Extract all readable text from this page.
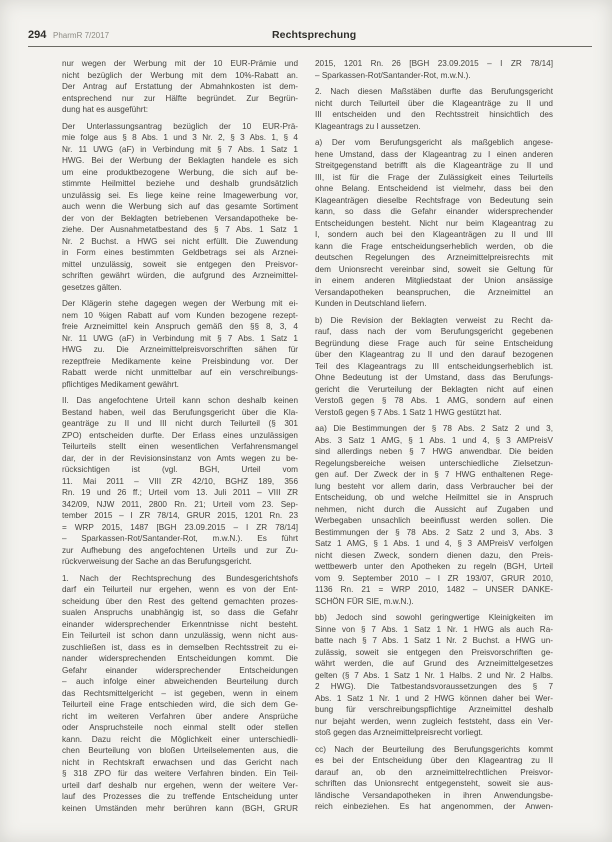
294 PharmR 7/2017	Rechtsprechung
nur wegen der Werbung mit der 10 EUR-Prämie und
nicht bezüglich der Werbung mit dem 10%-Rabatt an.
Der Antrag auf Erstattung der Abmahnkosten ist dem-
entsprechend nur zur Hälfte begründet. Zur Begrün-
dung hat es ausgeführt:
Der Unterlassungsantrag bezüglich der 10 EUR-Prä-
mie folge aus § 8 Abs. 1 und 3 Nr. 2, § 3 Abs. 1, § 4
Nr. 11 UWG (aF) in Verbindung mit § 7 Abs. 1 Satz 1
HWG. Bei der Werbung der Beklagten handele es sich
um eine produktbezogene Werbung, die sich auf be-
stimmte Heilmittel beziehe und deshalb grundsätzlich
unzulässig sei. Es liege keine reine Imagewerbung vor,
auch wenn die Werbung sich auf das gesamte Sortiment
der von der Beklagten betriebenen Versandapotheke be-
ziehe. Der Ausnahmetatbestand des § 7 Abs. 1 Satz 1
Nr. 2 Buchst. a HWG sei nicht erfüllt. Die Zuwendung
in Form eines bestimmten Geldbetrags sei als Arznei-
mittel unzulässig, soweit sie entgegen den Preisvor-
schriften gewährt würden, die aufgrund des Arzneimittel-
gesetzes gälten.
Der Klägerin stehe dagegen wegen der Werbung mit ei-
nem 10 %igen Rabatt auf vom Kunden bezogene rezept-
freie Arzneimittel kein Anspruch gemäß den §§ 8, 3, 4
Nr. 11 UWG (aF) in Verbindung mit § 7 Abs. 1 Satz 1
HWG zu. Die Arzneimittelpreisvorschriften sähen für
rezeptfreie Medikamente keine Preisbindung vor. Der
Rabatt werde nicht unmittelbar auf ein verschreibungs-
pflichtiges Medikament gewährt.
II. Das angefochtene Urteil kann schon deshalb keinen
Bestand haben, weil das Berufungsgericht über die Kla-
geanträge zu II und III nicht durch Teilurteil (§ 301
ZPO) entscheiden durfte. Der Erlass eines unzulässigen
Teilurteils stellt einen wesentlichen Verfahrensmangel
dar, der in der Revisionsinstanz von Amts wegen zu be-
rücksichtigen ist (vgl. BGH, Urteil vom
11. Mai 2011 – VIII ZR 42/10, BGHZ 189, 356
Rn. 19 und 26 ff.; Urteil vom 13. Juli 2011 – VIII ZR
342/09, NJW 2011, 2800 Rn. 21; Urteil vom 23. Sep-
tember 2015 – I ZR 78/14, GRUR 2015, 1201 Rn. 23
= WRP 2015, 1487 [BGH 23.09.2015 – I ZR 78/14]
– Sparkassen-Rot/Santander-Rot, m.w.N.). Es führt
zur Aufhebung des angefochtenen Urteils und zur Zu-
rückverweisung der Sache an das Berufungsgericht.
1. Nach der Rechtsprechung des Bundesgerichtshofs
darf ein Teilurteil nur ergehen, wenn es von der Ent-
scheidung über den Rest des geltend gemachten prozes-
sualen Anspruchs unabhängig ist, so dass die Gefahr
einander widersprechender Erkenntnisse nicht besteht.
Ein Teilurteil ist schon dann unzulässig, wenn nicht aus-
zuschließen ist, dass es in demselben Rechtsstreit zu ei-
nander widersprechenden Entscheidungen kommt. Die
Gefahr einander widersprechender Entscheidungen
– auch infolge einer abweichenden Beurteilung durch
das Rechtsmittelgericht – ist gegeben, wenn in einem
Teilurteil eine Frage entschieden wird, die sich dem Ge-
richt im weiteren Verfahren über andere Ansprüche
oder Anspruchsteile noch einmal stellt oder stellen
kann. Dazu reicht die Möglichkeit einer unterschiedli-
chen Beurteilung von bloßen Urteilselementen aus, die
nicht in Rechtskraft erwachsen und das Gericht nach
§ 318 ZPO für das weitere Verfahren binden. Ein Teil-
urteil darf deshalb nur ergehen, wenn der weitere Ver-
lauf des Prozesses die zu treffende Entscheidung unter
keinen Umständen mehr berühren kann (BGH, GRUR
2015, 1201 Rn. 26 [BGH 23.09.2015 – I ZR 78/14]
– Sparkassen-Rot/Santander-Rot, m.w.N.).
2. Nach diesen Maßstäben durfte das Berufungsgericht
nicht durch Teilurteil über die Klageanträge zu II und
III entscheiden und den Rechtsstreit hinsichtlich des
Klageantrags zu I aussetzen.
a) Der vom Berufungsgericht als maßgeblich angese-
hene Umstand, dass der Klageantrag zu I einen anderen
Streitgegenstand betrifft als die Klageanträge zu II und
III, ist für die Frage der Zulässigkeit eines Teilurteils
ohne Belang. Entscheidend ist vielmehr, dass bei den
Klageanträgen dieselbe Rechtsfrage von Bedeutung sein
kann, so dass die Gefahr einander widersprechender
Entscheidungen besteht. Nicht nur beim Klageantrag zu
I, sondern auch bei den Klageanträgen zu II und III
kann die Frage entscheidungserheblich werden, ob die
deutschen Regelungen des Arzneimittelpreisrechts mit
dem Unionsrecht vereinbar sind, soweit sie Geltung für
in einem anderen Mitgliedstaat der Union ansässige
Versandapotheken beanspruchen, die Arzneimittel an
Kunden in Deutschland liefern.
b) Die Revision der Beklagten verweist zu Recht da-
rauf, dass nach der vom Berufungsgericht gegebenen
Begründung diese Frage auch für seine Entscheidung
über den Klageantrag zu II und den darauf bezogenen
Teil des Klageantrags zu III entscheidungserheblich ist.
Ohne Bedeutung ist der Umstand, dass das Berufungs-
gericht die Verurteilung der Beklagten nicht auf einen
Verstoß gegen § 78 Abs. 1 AMG, sondern auf einen
Verstoß gegen § 7 Abs. 1 Satz 1 HWG gestützt hat.
aa) Die Bestimmungen der § 78 Abs. 2 Satz 2 und 3,
Abs. 3 Satz 1 AMG, § 1 Abs. 1 und 4, § 3 AMPreisV
sind allerdings neben § 7 HWG anwendbar. Die beiden
Regelungsbereiche weisen unterschiedliche Zielsetzun-
gen auf. Der Zweck der in § 7 HWG enthaltenen Rege-
lung besteht vor allem darin, dass Verbraucher bei der
Entscheidung, ob und welche Heilmittel sie in Anspruch
nehmen, nicht durch die Aussicht auf Zugaben und
Werbegaben unsachlich beeinflusst werden sollen. Die
Bestimmungen der § 78 Abs. 2 Satz 2 und 3, Abs. 3
Satz 1 AMG, § 1 Abs. 1 und 4, § 3 AMPreisV verfolgen
nicht diesen Zweck, sondern dienen dazu, den Preis-
wettbewerb unter den Apotheken zu regeln (BGH, Urteil
vom 9. September 2010 – I ZR 193/07, GRUR 2010,
1136 Rn. 21 = WRP 2010, 1482 – UNSER DANKE-
SCHÖN FÜR SIE, m.w.N.).
bb) Jedoch sind sowohl geringwertige Kleinigkeiten im
Sinne von § 7 Abs. 1 Satz 1 Nr. 1 HWG als auch Ra-
batte nach § 7 Abs. 1 Satz 1 Nr. 2 Buchst. a HWG un-
zulässig, soweit sie entgegen den Preisvorschriften ge-
währt werden, die auf Grund des Arzneimittelgesetzes
gelten (§ 7 Abs. 1 Satz 1 Nr. 1 Halbs. 2 und Nr. 2 Halbs.
2 HWG). Die Tatbestandsvoraussetzungen des § 7
Abs. 1 Satz 1 Nr. 1 und 2 HWG können daher bei Wer-
bung für verschreibungspflichtige Arzneimittel deshalb
nur bejaht werden, wenn zugleich feststeht, dass ein Ver-
stoß gegen das Arzneimittelpreisrecht vorliegt.
cc) Nach der Beurteilung des Berufungsgerichts kommt
es bei der Entscheidung über den Klageantrag zu II
darauf an, ob den arzneimittelrechtlichen Preisvor-
schriften das Unionsrecht entgegensteht, soweit sie aus-
ländische Versandapotheken in ihren Anwendungsbe-
reich einbeziehen. Es hat angenommen, der Anwen-
